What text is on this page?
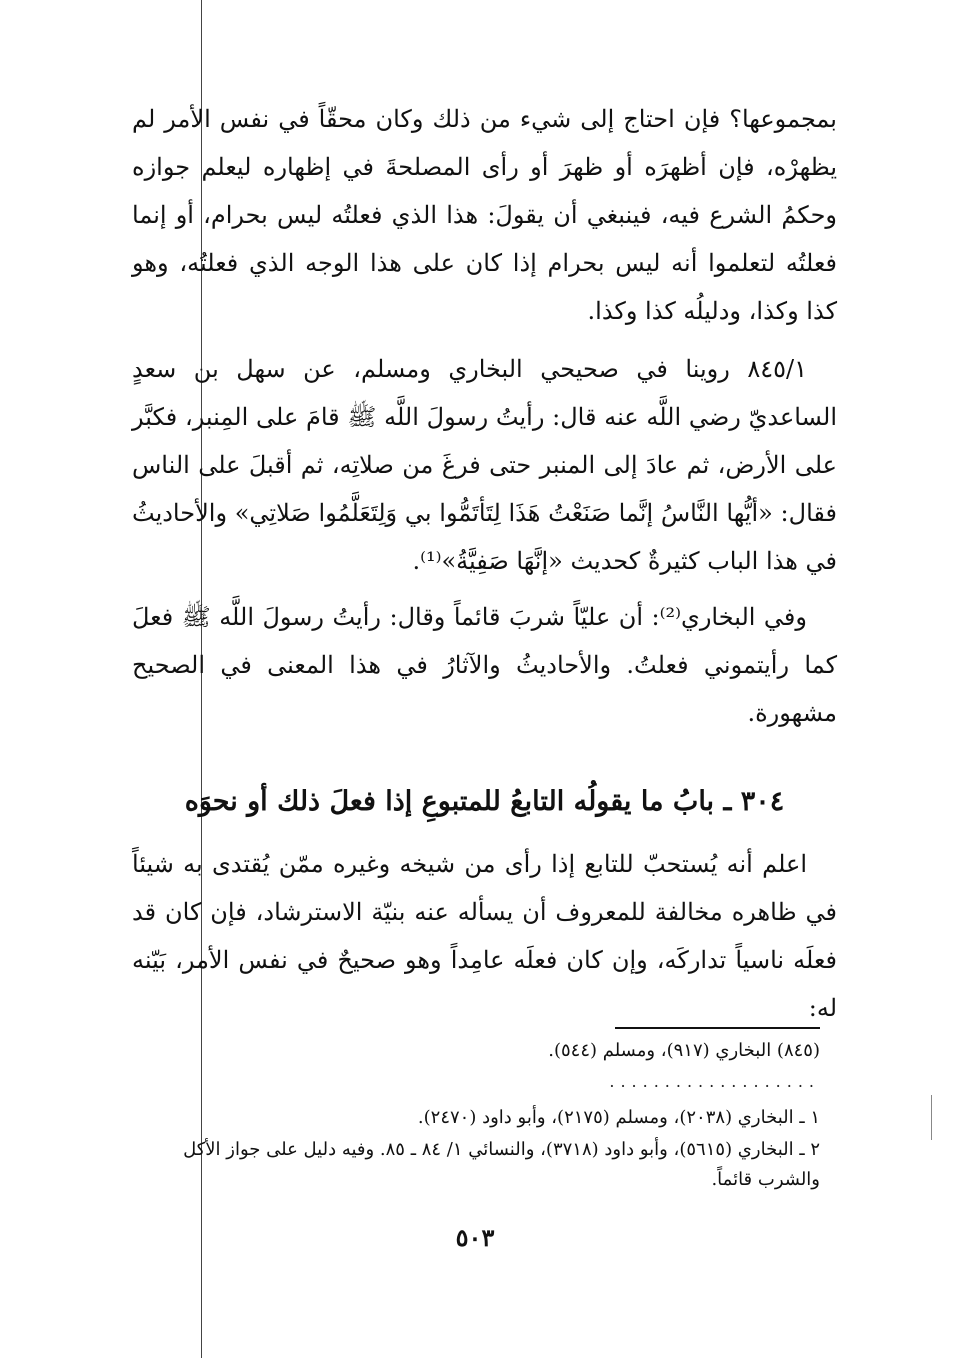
بمجموعها؟ فإن احتاج إلى شيء من ذلك وكان محقّاً في نفس الأمر لم يظهرْه، فإن أظهرَه أو ظهرَ أو رأى المصلحةَ في إظهاره ليعلم جوازه وحكمُ الشرع فيه، فينبغي أن يقولَ: هذا الذي فعلتُه ليس بحرام، أو إنما فعلتُه لتعلموا أنه ليس بحرام إذا كان على هذا الوجه الذي فعلتُه، وهو كذا وكذا، ودليلُه كذا وكذا.

٨٤٥/١ روينا في صحيحي البخاري ومسلم، عن سهل بن سعدٍ الساعديّ رضي اللَّه عنه قال: رأيتُ رسولَ اللَّه ﷺ قامَ على المِنبر، فكبَّر على الأرض، ثم عادَ إلى المنبر حتى فرغَ من صلاتِه، ثم أقبلَ على الناس فقال: «أيُّها النَّاسُ إنَّما صَنَعْتُ هَذَا لِتَأتَمُّوا بي وَلِتَعَلَّمُوا صَلاتِي» والأحاديثُ في هذا الباب كثيرةٌ كحديث «إنَّهَا صَفِيَّةُ»⁽¹⁾.

وفي البخاري⁽²⁾: أن عليّاً شربَ قائماً وقال: رأيتُ رسولَ اللَّه ﷺ فعلَ كما رأيتموني فعلتُ. والأحاديثُ والآثارُ في هذا المعنى في الصحيح مشهورة.

٣٠٤ ـ بابُ ما يقولُه التابعُ للمتبوعِ إذا فعلَ ذلك أو نحوَه

اعلم أنه يُستحبّ للتابع إذا رأى من شيخه وغيره ممّن يُقتدى به شيئاً في ظاهره مخالفة للمعروف أن يسأله عنه بنيّة الاسترشاد، فإن كان قد فعلَه ناسياً تداركَه، وإن كان فعلَه عامِداً وهو صحيحٌ في نفس الأمر، بَيّنه له:

(٨٤٥) البخاري (٩١٧)، ومسلم (٥٤٤).
...................
١ ـ البخاري (٢٠٣٨)، ومسلم (٢١٧٥)، وأبو داود (٢٤٧٠).
٢ ـ البخاري (٥٦١٥)، وأبو داود (٣٧١٨)، والنسائي ١/ ٨٤ ـ ٨٥. وفيه دليل على جواز الأكل والشرب قائماً.
٥٠٣
